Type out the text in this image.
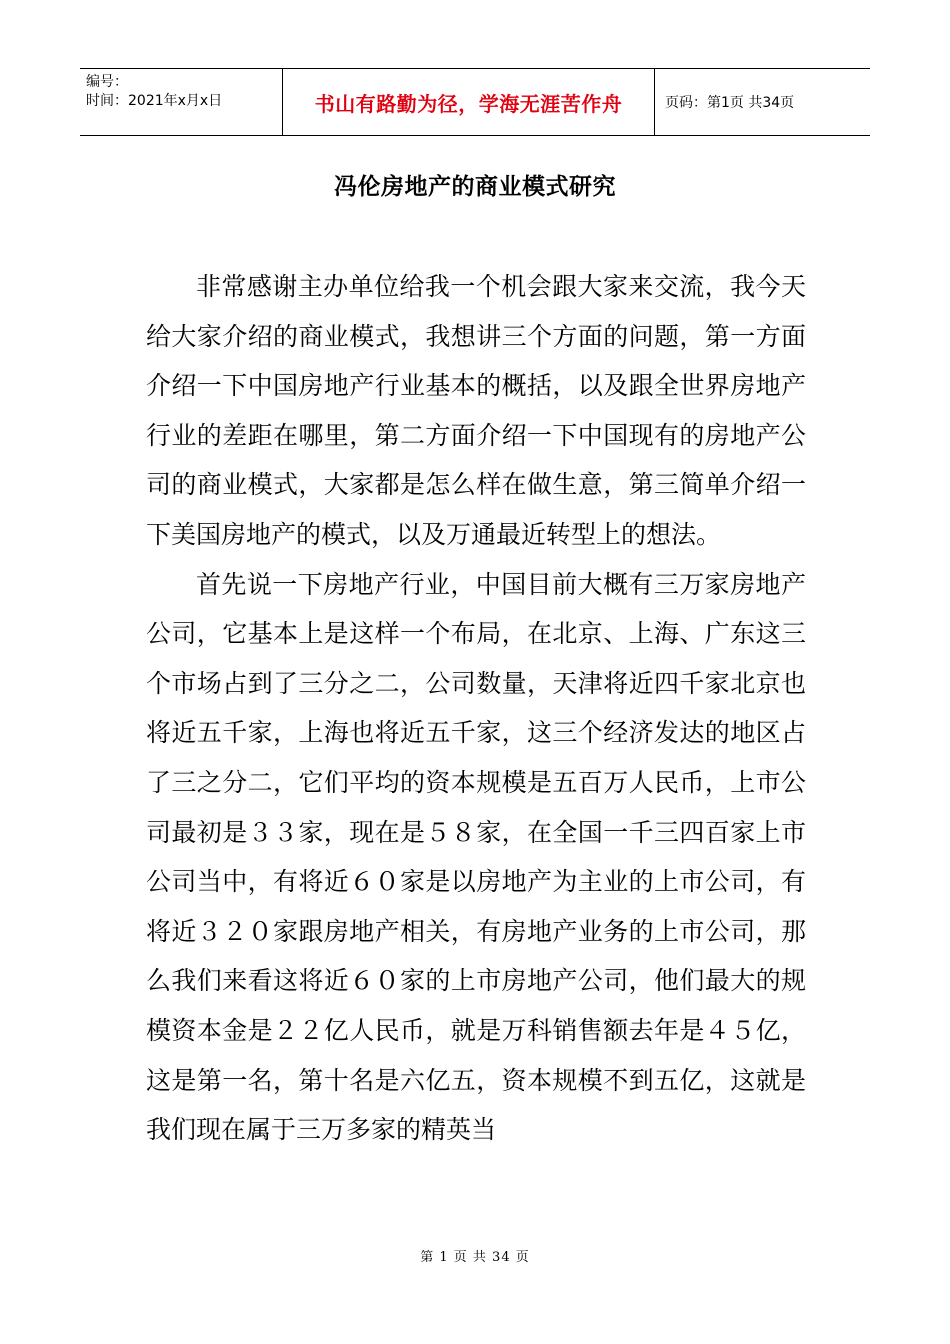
编号：
时间：2021年x月x日	书山有路勤为径，学海无涯苦作舟	页码：第1页 共34页
冯伦房地产的商业模式研究

非常感谢主办单位给我一个机会跟大家来交流，我今天给大家介绍的商业模式，我想讲三个方面的问题，第一方面介绍一下中国房地产行业基本的概括，以及跟全世界房地产行业的差距在哪里，第二方面介绍一下中国现有的房地产公司的商业模式，大家都是怎么样在做生意，第三简单介绍一下美国房地产的模式，以及万通最近转型上的想法。

首先说一下房地产行业，中国目前大概有三万家房地产公司，它基本上是这样一个布局，在北京、上海、广东这三个市场占到了三分之二，公司数量，天津将近四千家北京也将近五千家，上海也将近五千家，这三个经济发达的地区占了三之分二，它们平均的资本规模是五百万人民币，上市公司最初是３３家，现在是５８家，在全国一千三四百家上市公司当中，有将近６０家是以房地产为主业的上市公司，有将近３２０家跟房地产相关，有房地产业务的上市公司，那么我们来看这将近６０家的上市房地产公司，他们最大的规模资本金是２２亿人民币，就是万科销售额去年是４５亿，这是第一名，第十名是六亿五，资本规模不到五亿，这就是我们现在属于三万多家的精英当

第 1 页 共 34 页
